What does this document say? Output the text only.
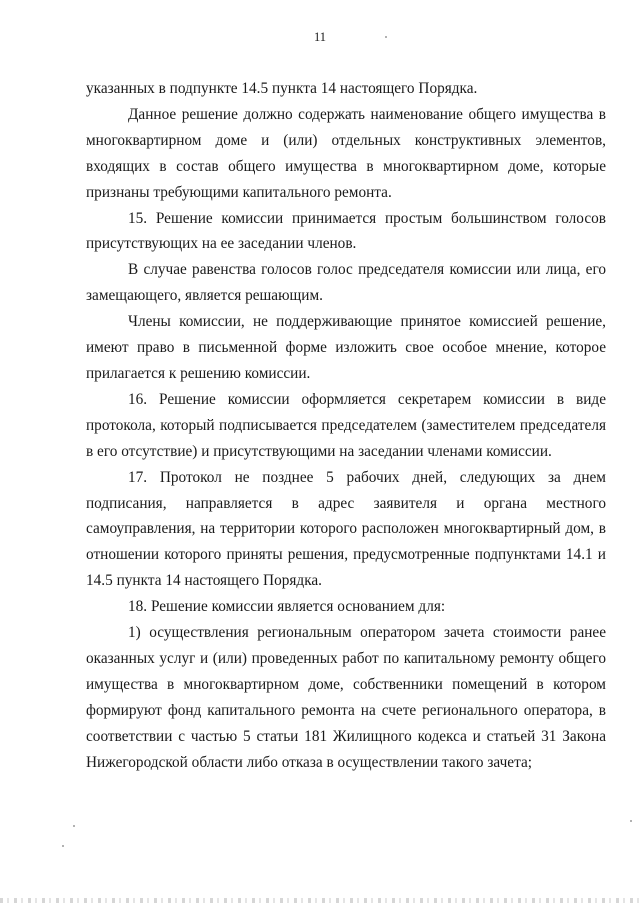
11

указанных в подпункте 14.5 пункта 14 настоящего Порядка.

Данное решение должно содержать наименование общего имущества в многоквартирном доме и (или) отдельных конструктивных элементов, входящих в состав общего имущества в многоквартирном доме, которые признаны требующими капитального ремонта.

15. Решение комиссии принимается простым большинством голосов присутствующих на ее заседании членов.

В случае равенства голосов голос председателя комиссии или лица, его замещающего, является решающим.

Члены комиссии, не поддерживающие принятое комиссией решение, имеют право в письменной форме изложить свое особое мнение, которое прилагается к решению комиссии.

16. Решение комиссии оформляется секретарем комиссии в виде протокола, который подписывается председателем (заместителем председателя в его отсутствие) и присутствующими на заседании членами комиссии.

17. Протокол не позднее 5 рабочих дней, следующих за днем подписания, направляется в адрес заявителя и органа местного самоуправления, на территории которого расположен многоквартирный дом, в отношении которого приняты решения, предусмотренные подпунктами 14.1 и 14.5 пункта 14 настоящего Порядка.

18. Решение комиссии является основанием для:

1) осуществления региональным оператором зачета стоимости ранее оказанных услуг и (или) проведенных работ по капитальному ремонту общего имущества в многоквартирном доме, собственники помещений в котором формируют фонд капитального ремонта на счете регионального оператора, в соответствии с частью 5 статьи 181 Жилищного кодекса и статьей 31 Закона Нижегородской области либо отказа в осуществлении такого зачета;
